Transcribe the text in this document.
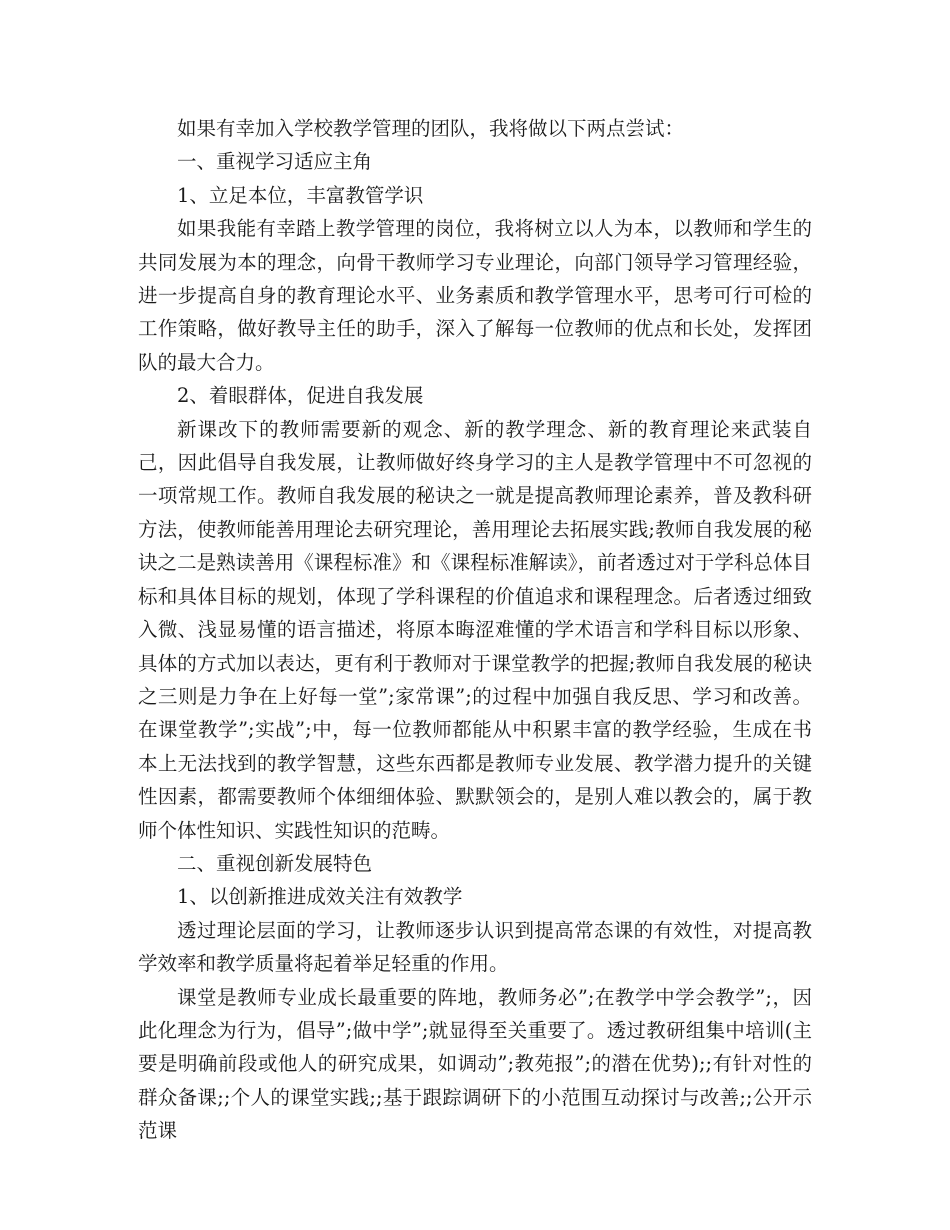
如果有幸加入学校教学管理的团队，我将做以下两点尝试：

一、重视学习适应主角

1、立足本位，丰富教管学识

如果我能有幸踏上教学管理的岗位，我将树立以人为本，以教师和学生的共同发展为本的理念，向骨干教师学习专业理论，向部门领导学习管理经验，进一步提高自身的教育理论水平、业务素质和教学管理水平，思考可行可检的工作策略，做好教导主任的助手，深入了解每一位教师的优点和长处，发挥团队的最大合力。

2、着眼群体，促进自我发展

新课改下的教师需要新的观念、新的教学理念、新的教育理论来武装自己，因此倡导自我发展，让教师做好终身学习的主人是教学管理中不可忽视的一项常规工作。教师自我发展的秘诀之一就是提高教师理论素养，普及教科研方法，使教师能善用理论去研究理论，善用理论去拓展实践;教师自我发展的秘诀之二是熟读善用《课程标准》和《课程标准解读》，前者透过对于学科总体目标和具体目标的规划，体现了学科课程的价值追求和课程理念。后者透过细致入微、浅显易懂的语言描述，将原本晦涩难懂的学术语言和学科目标以形象、具体的方式加以表达，更有利于教师对于课堂教学的把握;教师自我发展的秘诀之三则是力争在上好每一堂”;家常课”;的过程中加强自我反思、学习和改善。在课堂教学”;实战”;中，每一位教师都能从中积累丰富的教学经验，生成在书本上无法找到的教学智慧，这些东西都是教师专业发展、教学潜力提升的关键性因素，都需要教师个体细细体验、默默领会的，是别人难以教会的，属于教师个体性知识、实践性知识的范畴。

二、重视创新发展特色

1、以创新推进成效关注有效教学

透过理论层面的学习，让教师逐步认识到提高常态课的有效性，对提高教学效率和教学质量将起着举足轻重的作用。

课堂是教师专业成长最重要的阵地，教师务必”;在教学中学会教学”;，因此化理念为行为，倡导”;做中学”;就显得至关重要了。透过教研组集中培训(主要是明确前段或他人的研究成果，如调动”;教苑报”;的潜在优势);;有针对性的群众备课;;个人的课堂实践;;基于跟踪调研下的小范围互动探讨与改善;;公开示范课
